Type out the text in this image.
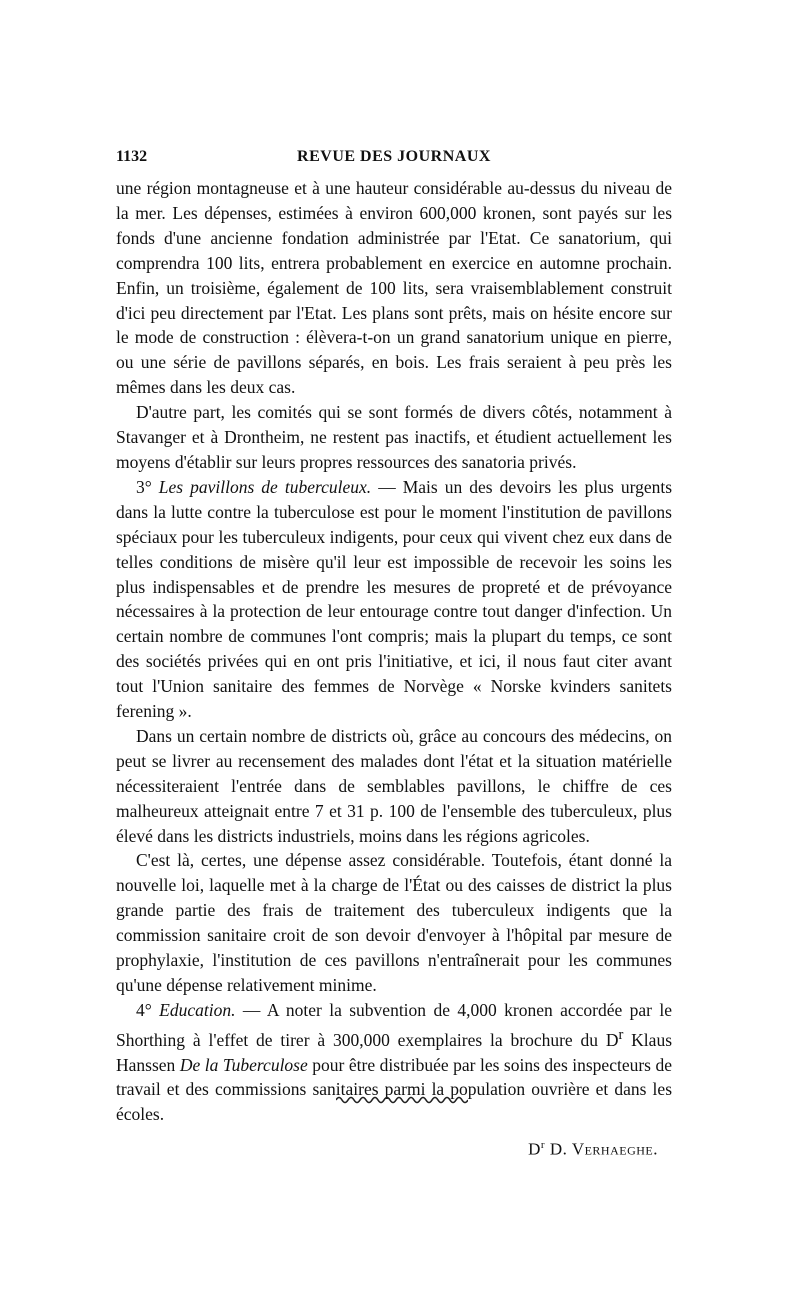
1132	REVUE DES JOURNAUX

une région montagneuse et à une hauteur considérable au-dessus du niveau de la mer. Les dépenses, estimées à environ 600,000 kronen, sont payés sur les fonds d'une ancienne fondation administrée par l'Etat. Ce sanatorium, qui comprendra 100 lits, entrera probablement en exercice en automne prochain. Enfin, un troisième, également de 100 lits, sera vraisemblablement construit d'ici peu directement par l'Etat. Les plans sont prêts, mais on hésite encore sur le mode de construction : élèvera-t-on un grand sanatorium unique en pierre, ou une série de pavillons séparés, en bois. Les frais seraient à peu près les mêmes dans les deux cas.

D'autre part, les comités qui se sont formés de divers côtés, notamment à Stavanger et à Drontheim, ne restent pas inactifs, et étudient actuellement les moyens d'établir sur leurs propres ressources des sanatoria privés.

3° Les pavillons de tuberculeux. — Mais un des devoirs les plus urgents dans la lutte contre la tuberculose est pour le moment l'institution de pavillons spéciaux pour les tuberculeux indigents, pour ceux qui vivent chez eux dans de telles conditions de misère qu'il leur est impossible de recevoir les soins les plus indispensables et de prendre les mesures de propreté et de prévoyance nécessaires à la protection de leur entourage contre tout danger d'infection. Un certain nombre de communes l'ont compris; mais la plupart du temps, ce sont des sociétés privées qui en ont pris l'initiative, et ici, il nous faut citer avant tout l'Union sanitaire des femmes de Norvège « Norske kvinders sanitets ferening ».

Dans un certain nombre de districts où, grâce au concours des médecins, on peut se livrer au recensement des malades dont l'état et la situation matérielle nécessiteraient l'entrée dans de semblables pavillons, le chiffre de ces malheureux atteignait entre 7 et 31 p. 100 de l'ensemble des tuberculeux, plus élevé dans les districts industriels, moins dans les régions agricoles.

C'est là, certes, une dépense assez considérable. Toutefois, étant donné la nouvelle loi, laquelle met à la charge de l'État ou des caisses de district la plus grande partie des frais de traitement des tuberculeux indigents que la commission sanitaire croit de son devoir d'envoyer à l'hôpital par mesure de prophylaxie, l'institution de ces pavillons n'entraînerait pour les communes qu'une dépense relativement minime.

4° Education. — A noter la subvention de 4,000 kronen accordée par le Shorthing à l'effet de tirer à 300,000 exemplaires la brochure du $D^r$ Klaus Hanssen De la Tuberculose pour être distribuée par les soins des inspecteurs de travail et des commissions sanitaires parmi la population ouvrière et dans les écoles.

$D^r$ D. Verhaeghe.
